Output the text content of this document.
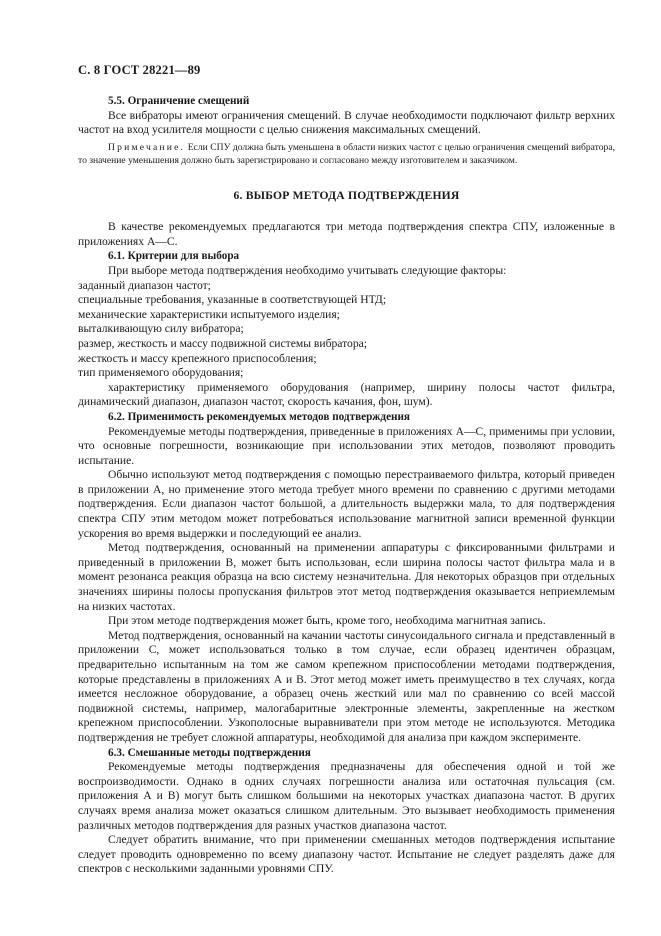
С. 8 ГОСТ 28221—89
5.5. Ограничение смещений

Все вибраторы имеют ограничения смещений. В случае необходимости подключают фильтр верхних частот на вход усилителя мощности с целью снижения максимальных смещений.

Примечание. Если СПУ должна быть уменьшена в области низких частот с целью ограничения смещений вибратора, то значение уменьшения должно быть зарегистрировано и согласовано между изготовителем и заказчиком.

6. ВЫБОР МЕТОДА ПОДТВЕРЖДЕНИЯ

В качестве рекомендуемых предлагаются три метода подтверждения спектра СПУ, изложенные в приложениях А—С.

6.1. Критерии для выбора

При выборе метода подтверждения необходимо учитывать следующие факторы:

заданный диапазон частот;

специальные требования, указанные в соответствующей НТД;

механические характеристики испытуемого изделия;

выталкивающую силу вибратора;

размер, жесткость и массу подвижной системы вибратора;

жесткость и массу крепежного приспособления;

тип применяемого оборудования;

характеристику применяемого оборудования (например, ширину полосы частот фильтра, динамический диапазон, диапазон частот, скорость качания, фон, шум).

6.2. Применимость рекомендуемых методов подтверждения

Рекомендуемые методы подтверждения, приведенные в приложениях А—С, применимы при условии, что основные погрешности, возникающие при использовании этих методов, позволяют проводить испытание.

Обычно используют метод подтверждения с помощью перестраиваемого фильтра, который приведен в приложении А, но применение этого метода требует много времени по сравнению с другими методами подтверждения. Если диапазон частот большой, а длительность выдержки мала, то для подтверждения спектра СПУ этим методом может потребоваться использование магнитной записи временной функции ускорения во время выдержки и последующий ее анализ.

Метод подтверждения, основанный на применении аппаратуры с фиксированными фильтрами и приведенный в приложении В, может быть использован, если ширина полосы частот фильтра мала и в момент резонанса реакция образца на всю систему незначительна. Для некоторых образцов при отдельных значениях ширины полосы пропускания фильтров этот метод подтверждения оказывается неприемлемым на низких частотах.

При этом методе подтверждения может быть, кроме того, необходима магнитная запись.

Метод подтверждения, основанный на качании частоты синусоидального сигнала и представленный в приложении С, может использоваться только в том случае, если образец идентичен образцам, предварительно испытанным на том же самом крепежном приспособлении методами подтверждения, которые представлены в приложениях А и В. Этот метод может иметь преимущество в тех случаях, когда имеется несложное оборудование, а образец очень жесткий или мал по сравнению со всей массой подвижной системы, например, малогабаритные электронные элементы, закрепленные на жестком крепежном приспособлении. Узкополосные выравниватели при этом методе не используются. Методика подтверждения не требует сложной аппаратуры, необходимой для анализа при каждом эксперименте.

6.3. Смешанные методы подтверждения

Рекомендуемые методы подтверждения предназначены для обеспечения одной и той же воспроизводимости. Однако в одних случаях погрешности анализа или остаточная пульсация (см. приложения А и В) могут быть слишком большими на некоторых участках диапазона частот. В других случаях время анализа может оказаться слишком длительным. Это вызывает необходимость применения различных методов подтверждения для разных участков диапазона частот.

Следует обратить внимание, что при применении смешанных методов подтверждения испытание следует проводить одновременно по всему диапазону частот. Испытание не следует разделять даже для спектров с несколькими заданными уровнями СПУ.
